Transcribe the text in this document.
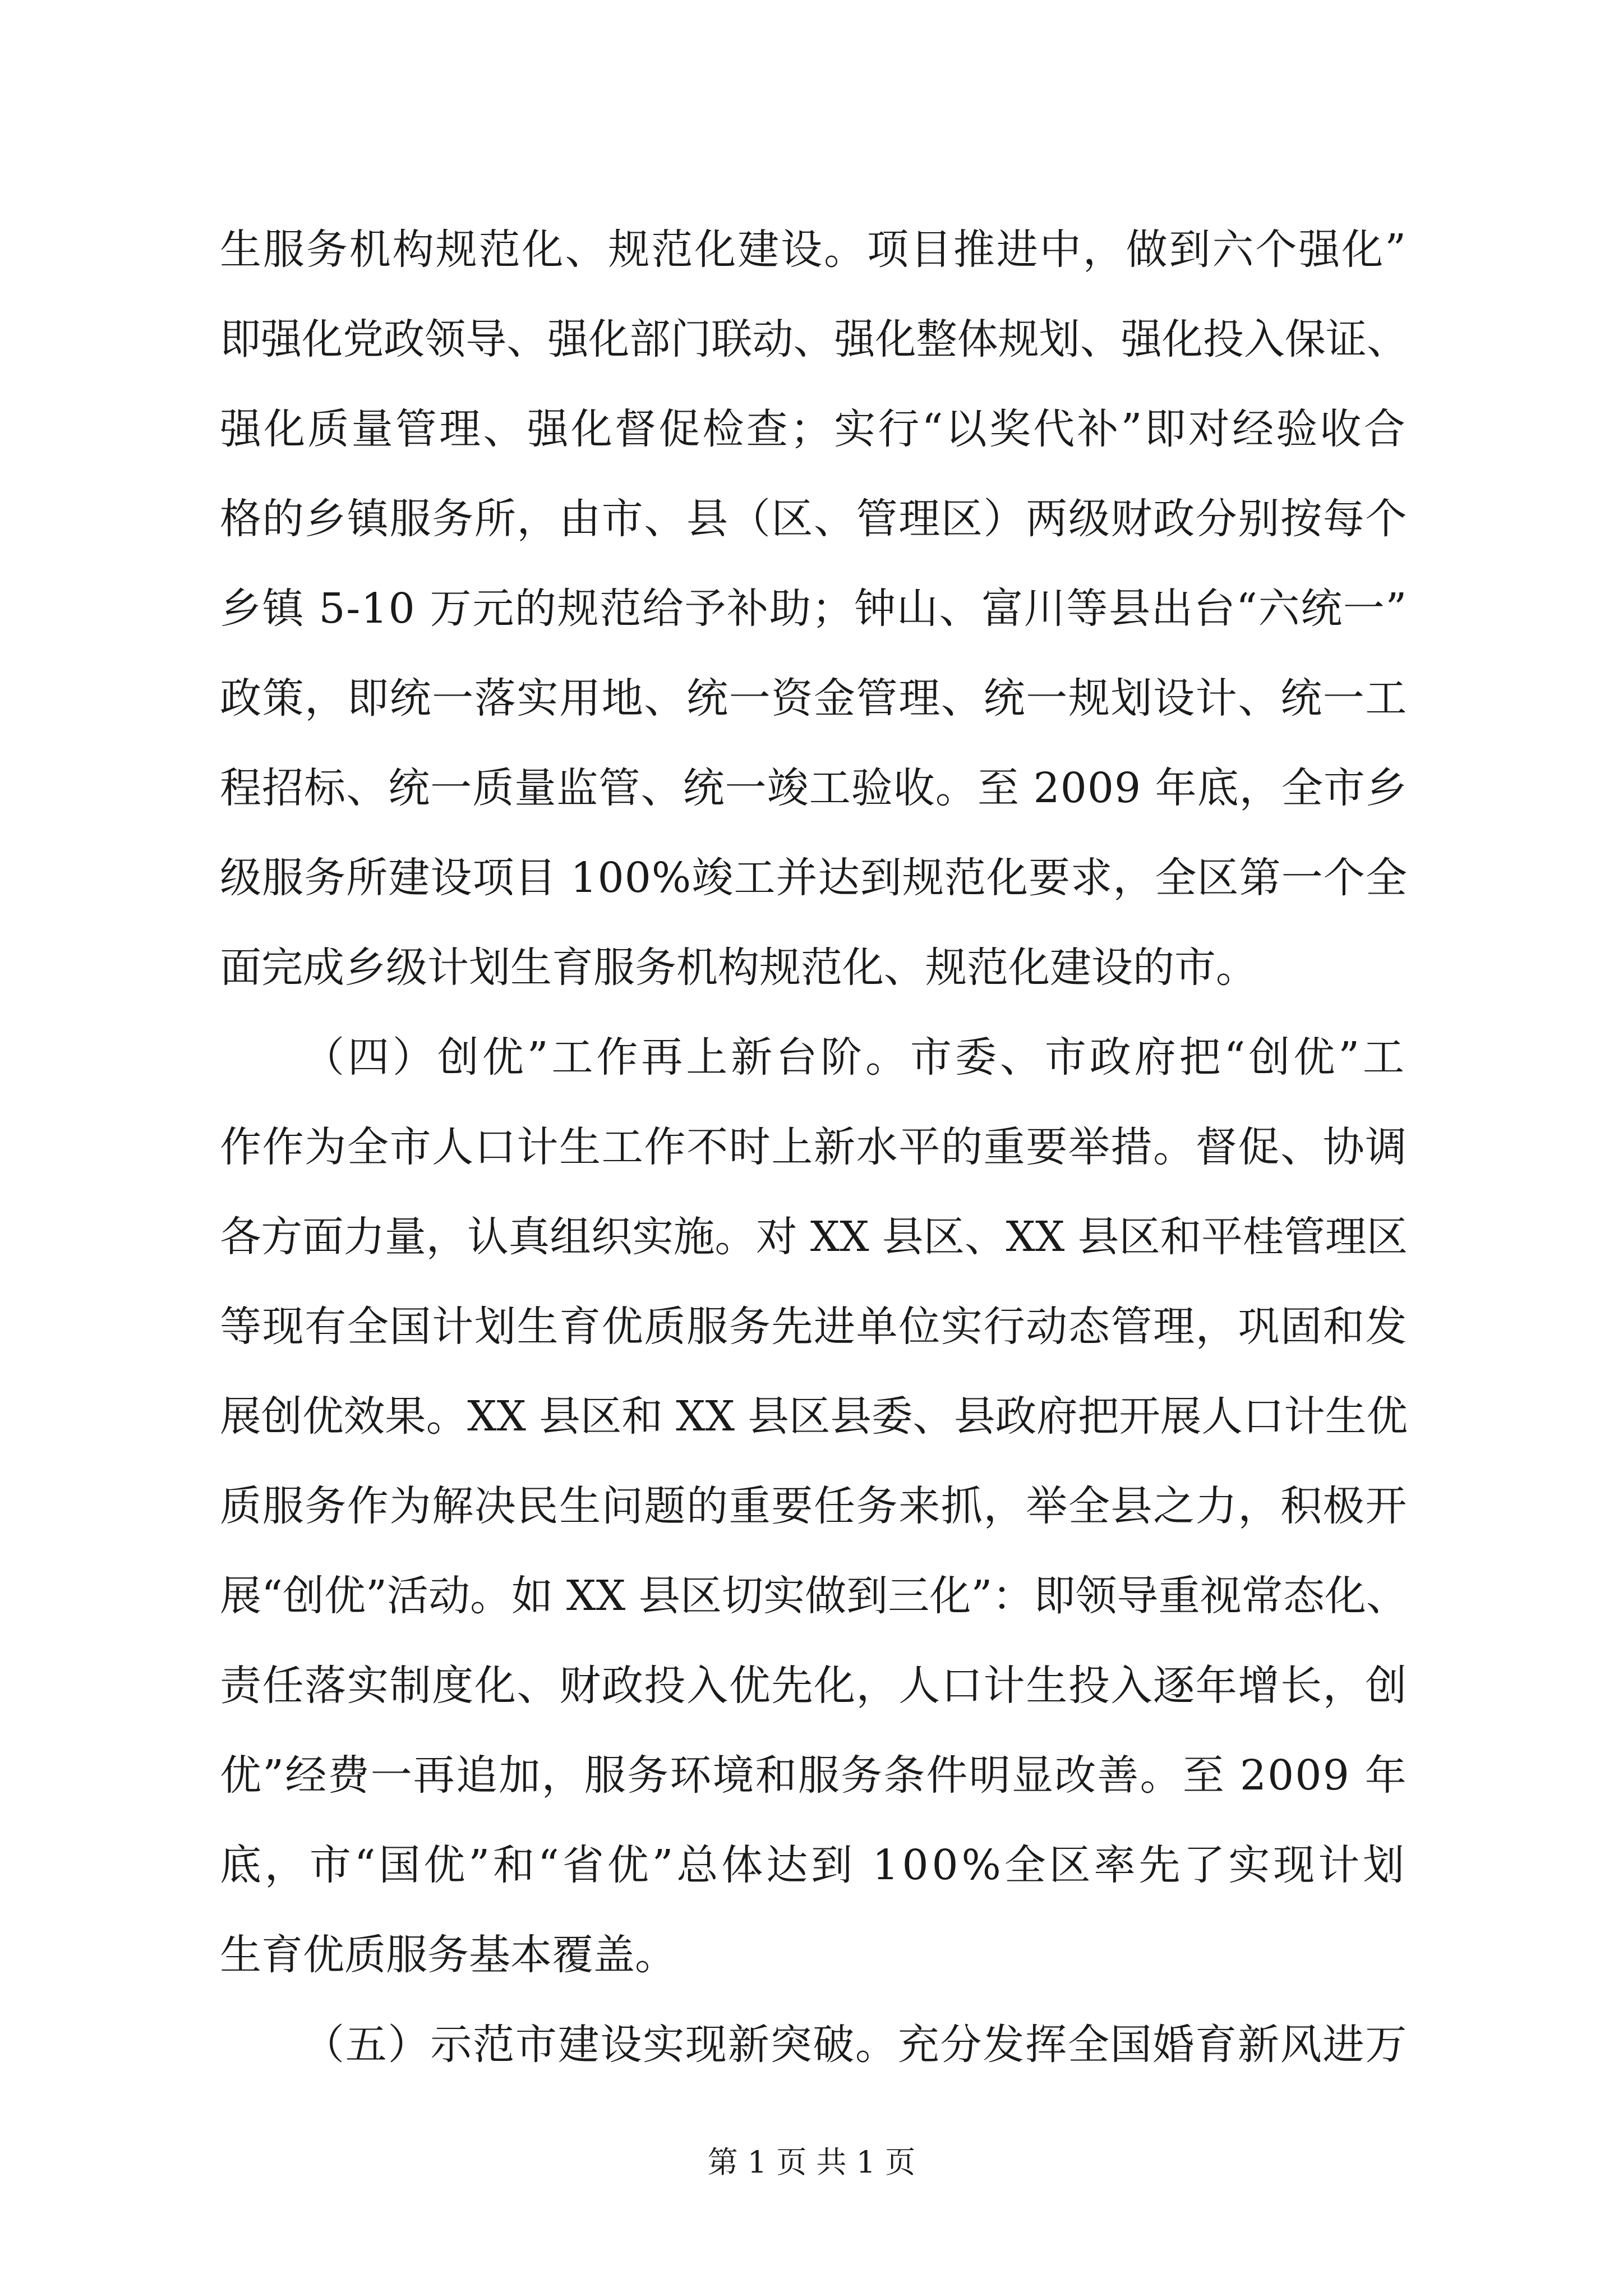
生服务机构规范化、规范化建设。项目推进中，做到六个强化”
即强化党政领导、强化部门联动、强化整体规划、强化投入保证、
强化质量管理、强化督促检查；实行“以奖代补”即对经验收合
格的乡镇服务所，由市、县（区、管理区）两级财政分别按每个
乡镇 5-10 万元的规范给予补助；钟山、富川等县出台“六统一”
政策，即统一落实用地、统一资金管理、统一规划设计、统一工
程招标、统一质量监管、统一竣工验收。至 2009 年底，全市乡
级服务所建设项目 100%竣工并达到规范化要求，全区第一个全
面完成乡级计划生育服务机构规范化、规范化建设的市。
（四）创优”工作再上新台阶。市委、市政府把“创优”工
作作为全市人口计生工作不时上新水平的重要举措。督促、协调
各方面力量，认真组织实施。对 XX 县区、XX 县区和平桂管理区
等现有全国计划生育优质服务先进单位实行动态管理，巩固和发
展创优效果。XX 县区和 XX 县区县委、县政府把开展人口计生优
质服务作为解决民生问题的重要任务来抓，举全县之力，积极开
展“创优”活动。如 XX 县区切实做到三化”：即领导重视常态化、
责任落实制度化、财政投入优先化，人口计生投入逐年增长，创
优”经费一再追加，服务环境和服务条件明显改善。至 2009 年
底，市“国优”和“省优”总体达到 100%全区率先了实现计划
生育优质服务基本覆盖。
（五）示范市建设实现新突破。充分发挥全国婚育新风进万
第 1 页 共 1 页
